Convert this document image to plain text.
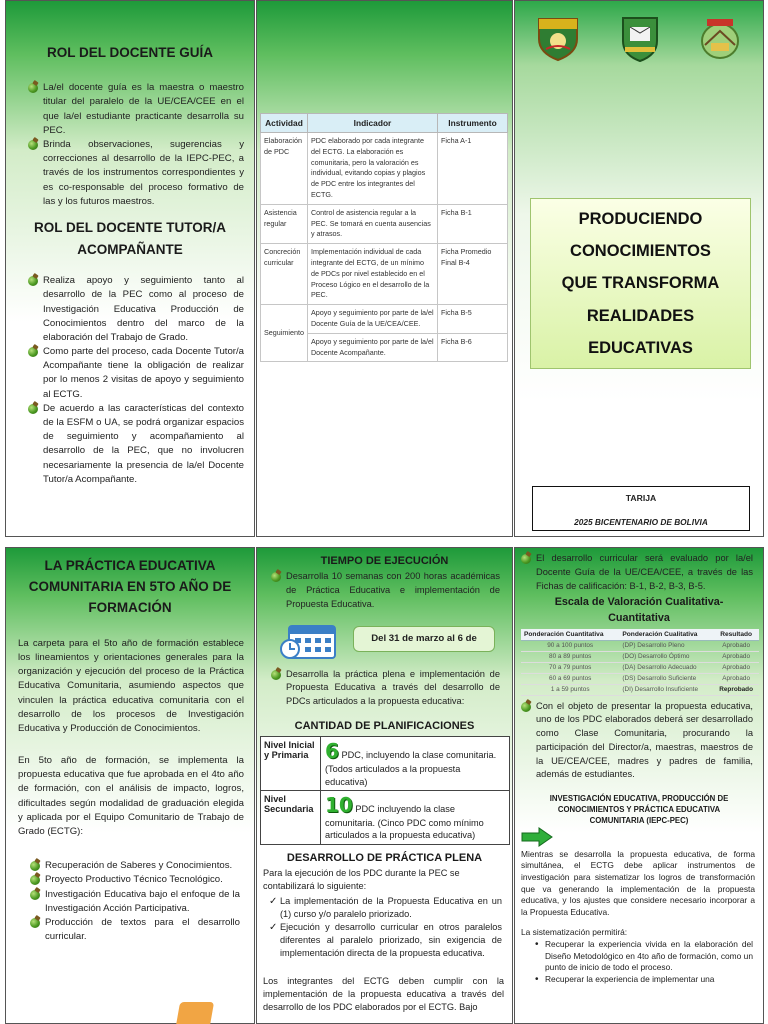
ROL DEL DOCENTE GUÍA
La/el docente guía es la maestra o maestro titular del paralelo de la UE/CEA/CEE en el que la/el estudiante practicante desarrolla su PEC.
Brinda observaciones, sugerencias y correcciones al desarrollo de la IEPC-PEC, a través de los instrumentos correspondientes y es co-responsable del proceso formativo de las y los futuros maestros.
ROL DEL DOCENTE TUTOR/A ACOMPAÑANTE
Realiza apoyo y seguimiento tanto al desarrollo de la PEC como al proceso de Investigación Educativa Producción de Conocimientos dentro del marco de la elaboración del Trabajo de Grado.
Como parte del proceso, cada Docente Tutor/a Acompañante tiene la obligación de realizar por lo menos 2 visitas de apoyo y seguimiento al ECTG.
De acuerdo a las características del contexto de la ESFM o UA, se podrá organizar espacios de seguimiento y acompañamiento al desarrollo de la PEC, que no involucren necesariamente la presencia de la/el Docente Tutor/a Acompañante.
Actividad	Indicador	Instrumento
Elaboración de PDC	PDC elaborado por cada integrante del ECTG. La elaboración es comunitaria, pero la valoración es individual, evitando copias y plagios de PDC entre los integrantes del ECTG.	Ficha A-1
Asistencia regular	Control de asistencia regular a la PEC. Se tomará en cuenta ausencias y atrasos.	Ficha B-1
Concreción curricular	Implementación individual de cada integrante del ECTG, de un mínimo de PDCs por nivel establecido en el Proceso Lógico en el desarrollo de la PEC.	Ficha Promedio Final B-4
Seguimiento	Apoyo y seguimiento por parte de la/el Docente Guía de la UE/CEA/CEE.	Ficha B-5
	Apoyo y seguimiento por parte de la/el Docente Acompañante.	Ficha B-6
PRODUCIENDO
CONOCIMIENTOS
QUE TRANSFORMA
REALIDADES
EDUCATIVAS
TARIJA
2025 BICENTENARIO DE BOLIVIA
LA PRÁCTICA EDUCATIVA COMUNITARIA EN 5TO AÑO DE FORMACIÓN

La carpeta para el 5to año de formación establece los lineamientos y orientaciones generales para la organización y ejecución del proceso de la Práctica Educativa Comunitaria, asumiendo aspectos que vinculen la práctica educativa comunitaria con el desarrollo de los procesos de Investigación Educativa y Producción de Conocimientos.

En 5to año de formación, se implementa la propuesta educativa que fue aprobada en el 4to año de formación, con el análisis de impacto, logros, dificultades según modalidad de graduación elegida y aplicada por el Equipo Comunitario de Trabajo de Grado (ECTG):

Recuperación de Saberes y Conocimientos.
Proyecto Productivo Técnico Tecnológico.
Investigación Educativa bajo el enfoque de la Investigación Acción Participativa.
Producción de textos para el desarrollo curricular.
TIEMPO DE EJECUCIÓN
Desarrolla 10 semanas con 200 horas académicas de Práctica Educativa e implementación de Propuesta Educativa.
Del 31 de marzo al 6 de
Desarrolla la práctica plena e implementación de Propuesta Educativa a través del desarrollo de PDCs articulados a la propuesta educativa:
CANTIDAD DE PLANIFICACIONES
Nivel Inicial y Primaria	6 PDC, incluyendo la clase comunitaria. (Todos articulados a la propuesta educativa)
Nivel Secundaria	10 PDC incluyendo la clase comunitaria. (Cinco PDC como mínimo articulados a la propuesta educativa)
DESARROLLO DE PRÁCTICA PLENA

Para la ejecución de los PDC durante la PEC se contabilizará lo siguiente:

✓ La implementación de la Propuesta Educativa en un (1) curso y/o paralelo priorizado.
✓ Ejecución y desarrollo curricular en otros paralelos diferentes al paralelo priorizado, sin exigencia de implementación directa de la propuesta educativa.

Los integrantes del ECTG deben cumplir con la implementación de la propuesta educativa a través del desarrollo de los PDC elaborados por el ECTG. Bajo

El desarrollo curricular será evaluado por la/el Docente Guía de la UE/CEA/CEE, a través de las Fichas de calificación: B-1, B-2, B-3, B-5.
Escala de Valoración Cualitativa-Cuantitativa
Ponderación Cuantitativa	Ponderación Cualitativa	Resultado
90 a 100 puntos	(DP) Desarrollo Pleno	Aprobado
80 a 89 puntos	(DO) Desarrollo Óptimo	Aprobado
70 a 79 puntos	(DA) Desarrollo Adecuado	Aprobado
60 a 69 puntos	(DS) Desarrollo Suficiente	Aprobado
1 a 59 puntos	(DI) Desarrollo Insuficiente	Reprobado
Con el objeto de presentar la propuesta educativa, uno de los PDC elaborados deberá ser desarrollado como Clase Comunitaria, procurando la participación del Director/a, maestras, maestros de la UE/CEA/CEE, madres y padres de familia, además de estudiantes.
INVESTIGACIÓN EDUCATIVA, PRODUCCIÓN DE CONOCIMIENTOS Y PRÁCTICA EDUCATIVA COMUNITARIA (IEPC-PEC)

Mientras se desarrolla la propuesta educativa, de forma simultánea, el ECTG debe aplicar instrumentos de investigación para sistematizar los logros de transformación que va generando la implementación de la propuesta educativa, y los ajustes que considere necesario incorporar a la Propuesta Educativa.

La sistematización permitirá:

• Recuperar la experiencia vivida en la elaboración del Diseño Metodológico en 4to año de formación, como un punto de inicio de todo el proceso.
• Recuperar la experiencia de implementar una
